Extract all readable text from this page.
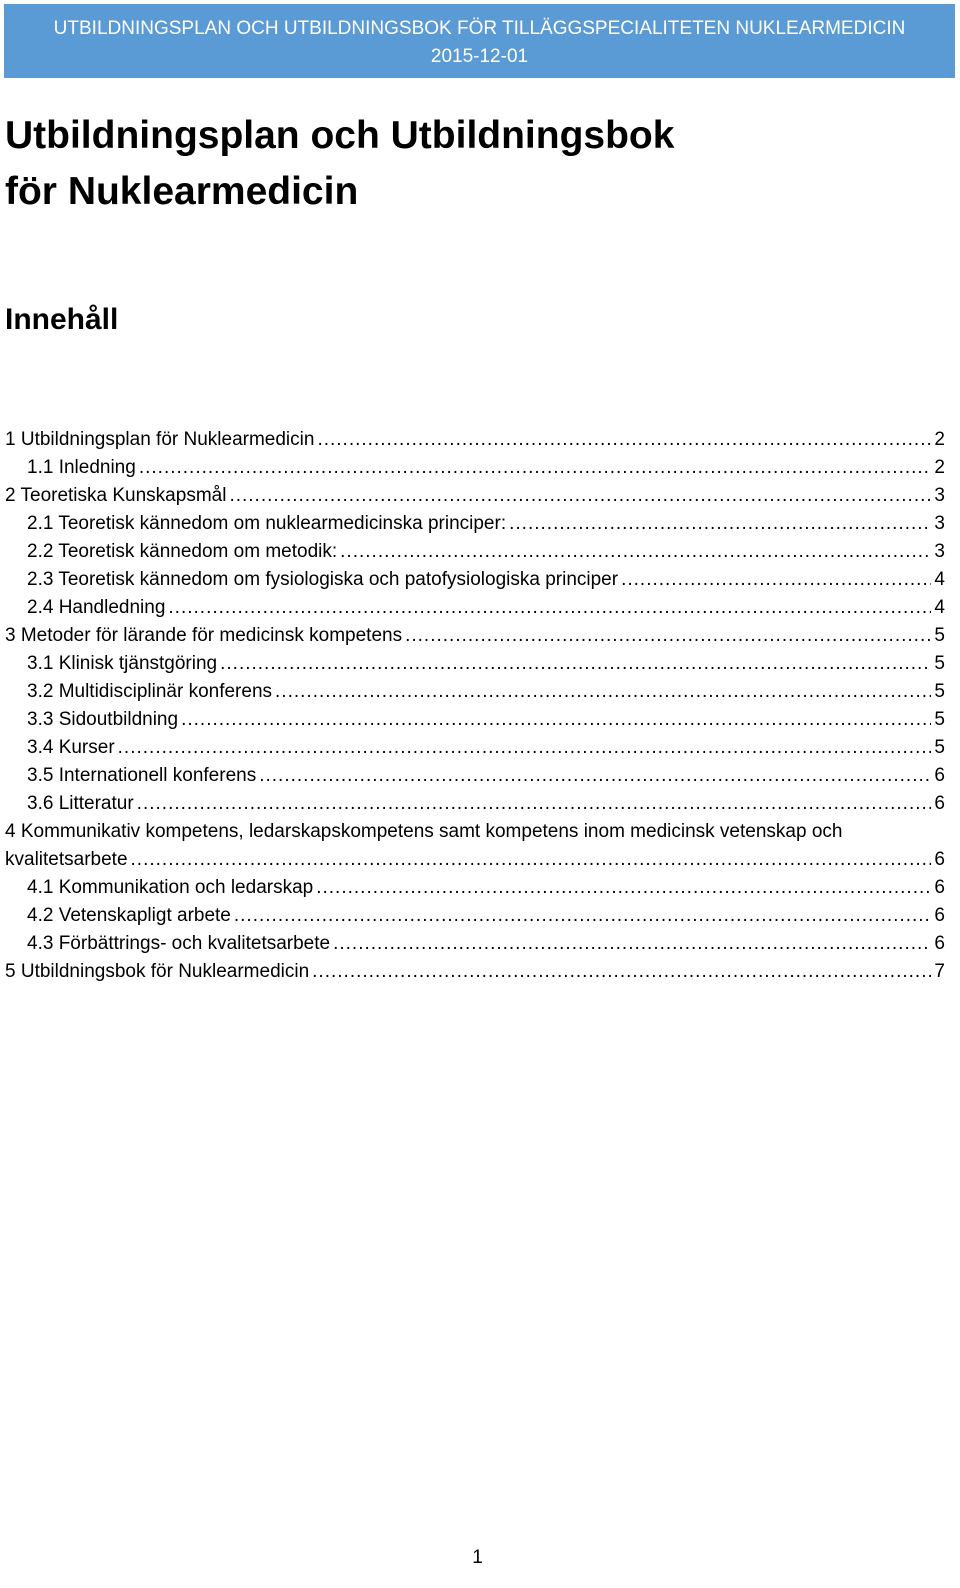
UTBILDNINGSPLAN OCH UTBILDNINGSBOK FÖR TILLÄGGSPECIALITETEN NUKLEARMEDICIN
2015-12-01
Utbildningsplan och Utbildningsbok
för Nuklearmedicin
Innehåll
1 Utbildningsplan för Nuklearmedicin .....	2
1.1 Inledning .....	2
2 Teoretiska Kunskapsmål .....	3
2.1 Teoretisk kännedom om nuklearmedicinska principer: .....	3
2.2 Teoretisk kännedom om metodik: .....	3
2.3 Teoretisk kännedom om fysiologiska och patofysiologiska principer .....	4
2.4 Handledning .....	4
3 Metoder för lärande för medicinsk kompetens .....	5
3.1 Klinisk tjänstgöring .....	5
3.2 Multidisciplinär konferens .....	5
3.3 Sidoutbildning .....	5
3.4 Kurser .....	5
3.5 Internationell konferens .....	6
3.6 Litteratur .....	6
4 Kommunikativ kompetens, ledarskapskompetens samt kompetens inom medicinsk vetenskap och
kvalitetsarbete .....	6
4.1 Kommunikation och ledarskap .....	6
4.2 Vetenskapligt arbete .....	6
4.3 Förbättrings- och kvalitetsarbete .....	6
5 Utbildningsbok för Nuklearmedicin .....	7
1
